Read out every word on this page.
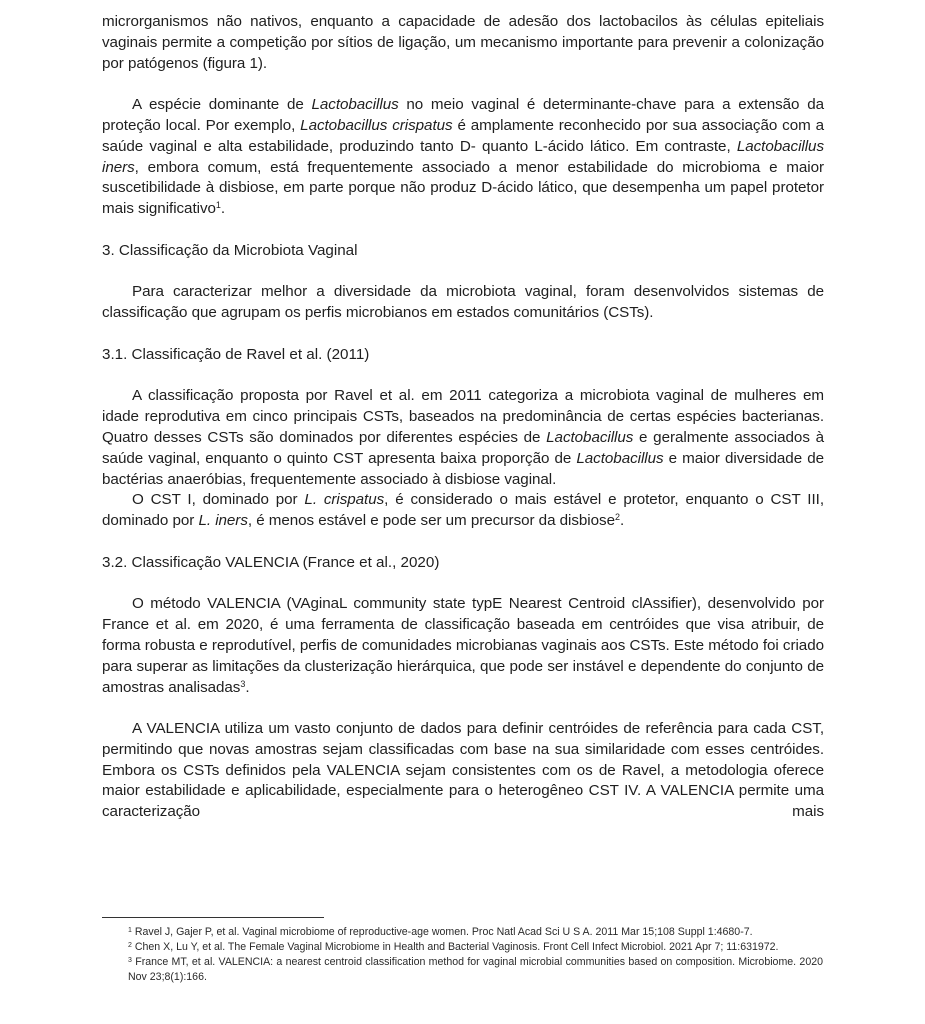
microrganismos não nativos, enquanto a capacidade de adesão dos lactobacilos às células epiteliais vaginais permite a competição por sítios de ligação, um mecanismo importante para prevenir a colonização por patógenos (figura 1).

A espécie dominante de Lactobacillus no meio vaginal é determinante-chave para a extensão da proteção local. Por exemplo, Lactobacillus crispatus é amplamente reconhecido por sua associação com a saúde vaginal e alta estabilidade, produzindo tanto D- quanto L-ácido lático. Em contraste, Lactobacillus iners, embora comum, está frequentemente associado a menor estabilidade do microbioma e maior suscetibilidade à disbiose, em parte porque não produz D-ácido lático, que desempenha um papel protetor mais significativo$^1$.

3. Classificação da Microbiota Vaginal

Para caracterizar melhor a diversidade da microbiota vaginal, foram desenvolvidos sistemas de classificação que agrupam os perfis microbianos em estados comunitários (CSTs).

3.1. Classificação de Ravel et al. (2011)

A classificação proposta por Ravel et al. em 2011 categoriza a microbiota vaginal de mulheres em idade reprodutiva em cinco principais CSTs, baseados na predominância de certas espécies bacterianas. Quatro desses CSTs são dominados por diferentes espécies de Lactobacillus e geralmente associados à saúde vaginal, enquanto o quinto CST apresenta baixa proporção de Lactobacillus e maior diversidade de bactérias anaeróbias, frequentemente associado à disbiose vaginal.

O CST I, dominado por L. crispatus, é considerado o mais estável e protetor, enquanto o CST III, dominado por L. iners, é menos estável e pode ser um precursor da disbiose$^2$.

3.2. Classificação VALENCIA (France et al., 2020)

O método VALENCIA (VAginaL community state typE Nearest Centroid clAssifier), desenvolvido por France et al. em 2020, é uma ferramenta de classificação baseada em centróides que visa atribuir, de forma robusta e reprodutível, perfis de comunidades microbianas vaginais aos CSTs. Este método foi criado para superar as limitações da clusterização hierárquica, que pode ser instável e dependente do conjunto de amostras analisadas$^3$.

A VALENCIA utiliza um vasto conjunto de dados para definir centróides de referência para cada CST, permitindo que novas amostras sejam classificadas com base na sua similaridade com esses centróides. Embora os CSTs definidos pela VALENCIA sejam consistentes com os de Ravel, a metodologia oferece maior estabilidade e aplicabilidade, especialmente para o heterogêneo CST IV. A VALENCIA permite uma caracterização mais

$^1$ Ravel J, Gajer P, et al. Vaginal microbiome of reproductive-age women. Proc Natl Acad Sci U S A. 2011 Mar 15;108 Suppl 1:4680-7.

$^2$ Chen X, Lu Y, et al. The Female Vaginal Microbiome in Health and Bacterial Vaginosis. Front Cell Infect Microbiol. 2021 Apr 7; 11:631972.

$^3$ France MT, et al. VALENCIA: a nearest centroid classification method for vaginal microbial communities based on composition. Microbiome. 2020 Nov 23;8(1):166.
